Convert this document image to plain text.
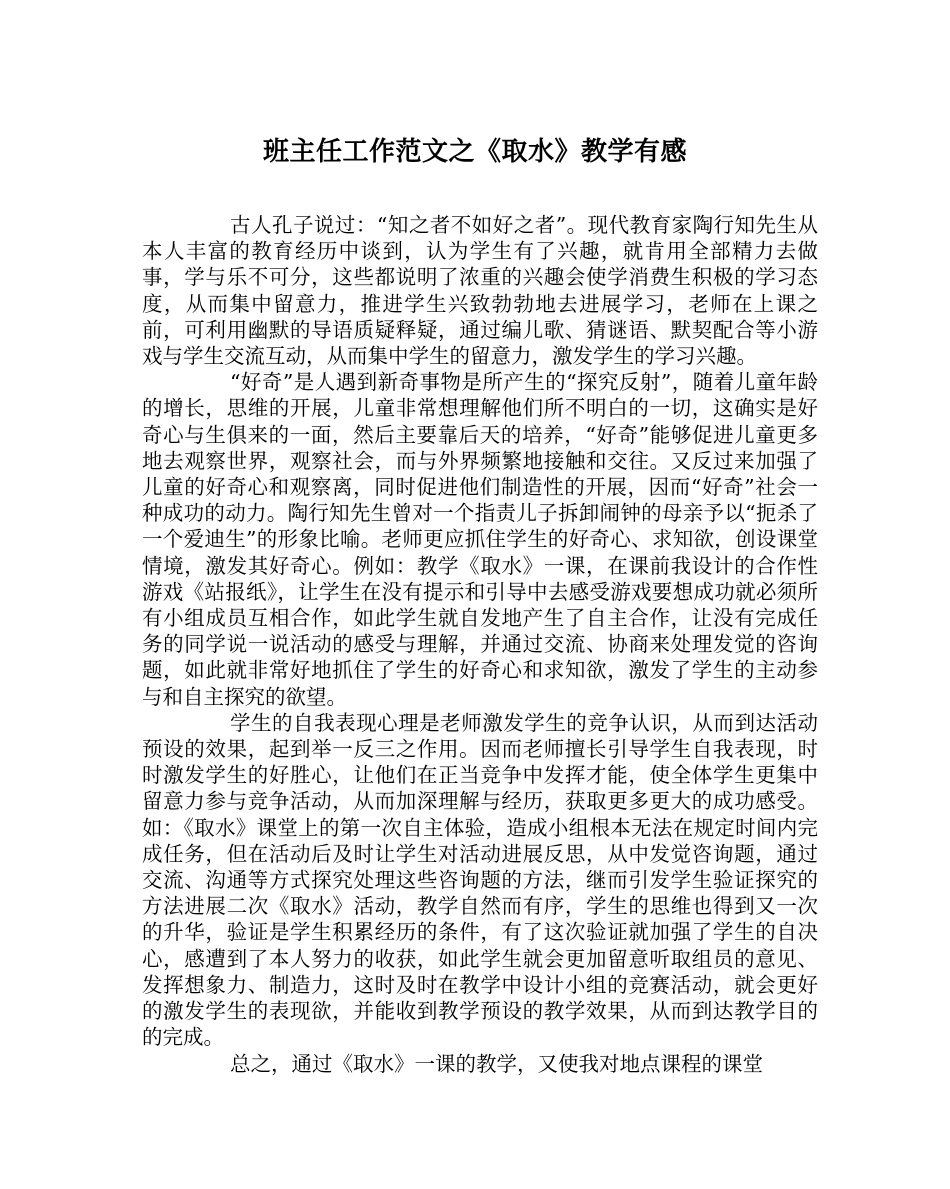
班主任工作范文之《取水》教学有感

古人孔子说过：“知之者不如好之者”。现代教育家陶行知先生从本人丰富的教育经历中谈到，认为学生有了兴趣，就肯用全部精力去做事，学与乐不可分，这些都说明了浓重的兴趣会使学消费生积极的学习态度，从而集中留意力，推进学生兴致勃勃地去进展学习，老师在上课之前，可利用幽默的导语质疑释疑，通过编儿歌、猜谜语、默契配合等小游戏与学生交流互动，从而集中学生的留意力，激发学生的学习兴趣。

“好奇”是人遇到新奇事物是所产生的“探究反射”，随着儿童年龄的增长，思维的开展，儿童非常想理解他们所不明白的一切，这确实是好奇心与生俱来的一面，然后主要靠后天的培养，“好奇”能够促进儿童更多地去观察世界，观察社会，而与外界频繁地接触和交往。又反过来加强了儿童的好奇心和观察离，同时促进他们制造性的开展，因而“好奇”社会一种成功的动力。陶行知先生曾对一个指责儿子拆卸闹钟的母亲予以“扼杀了一个爱迪生”的形象比喻。老师更应抓住学生的好奇心、求知欲，创设课堂情境，激发其好奇心。例如：教学《取水》一课，在课前我设计的合作性游戏《站报纸》，让学生在没有提示和引导中去感受游戏要想成功就必须所有小组成员互相合作，如此学生就自发地产生了自主合作，让没有完成任务的同学说一说活动的感受与理解，并通过交流、协商来处理发觉的咨询题，如此就非常好地抓住了学生的好奇心和求知欲，激发了学生的主动参与和自主探究的欲望。

学生的自我表现心理是老师激发学生的竞争认识，从而到达活动预设的效果，起到举一反三之作用。因而老师擅长引导学生自我表现，时时激发学生的好胜心，让他们在正当竞争中发挥才能，使全体学生更集中留意力参与竞争活动，从而加深理解与经历，获取更多更大的成功感受。如：《取水》课堂上的第一次自主体验，造成小组根本无法在规定时间内完成任务，但在活动后及时让学生对活动进展反思，从中发觉咨询题，通过交流、沟通等方式探究处理这些咨询题的方法，继而引发学生验证探究的方法进展二次《取水》活动，教学自然而有序，学生的思维也得到又一次的升华，验证是学生积累经历的条件，有了这次验证就加强了学生的自决心，感遭到了本人努力的收获，如此学生就会更加留意听取组员的意见、发挥想象力、制造力，这时及时在教学中设计小组的竞赛活动，就会更好的激发学生的表现欲，并能收到教学预设的教学效果，从而到达教学目的的完成。

总之，通过《取水》一课的教学，又使我对地点课程的课堂
